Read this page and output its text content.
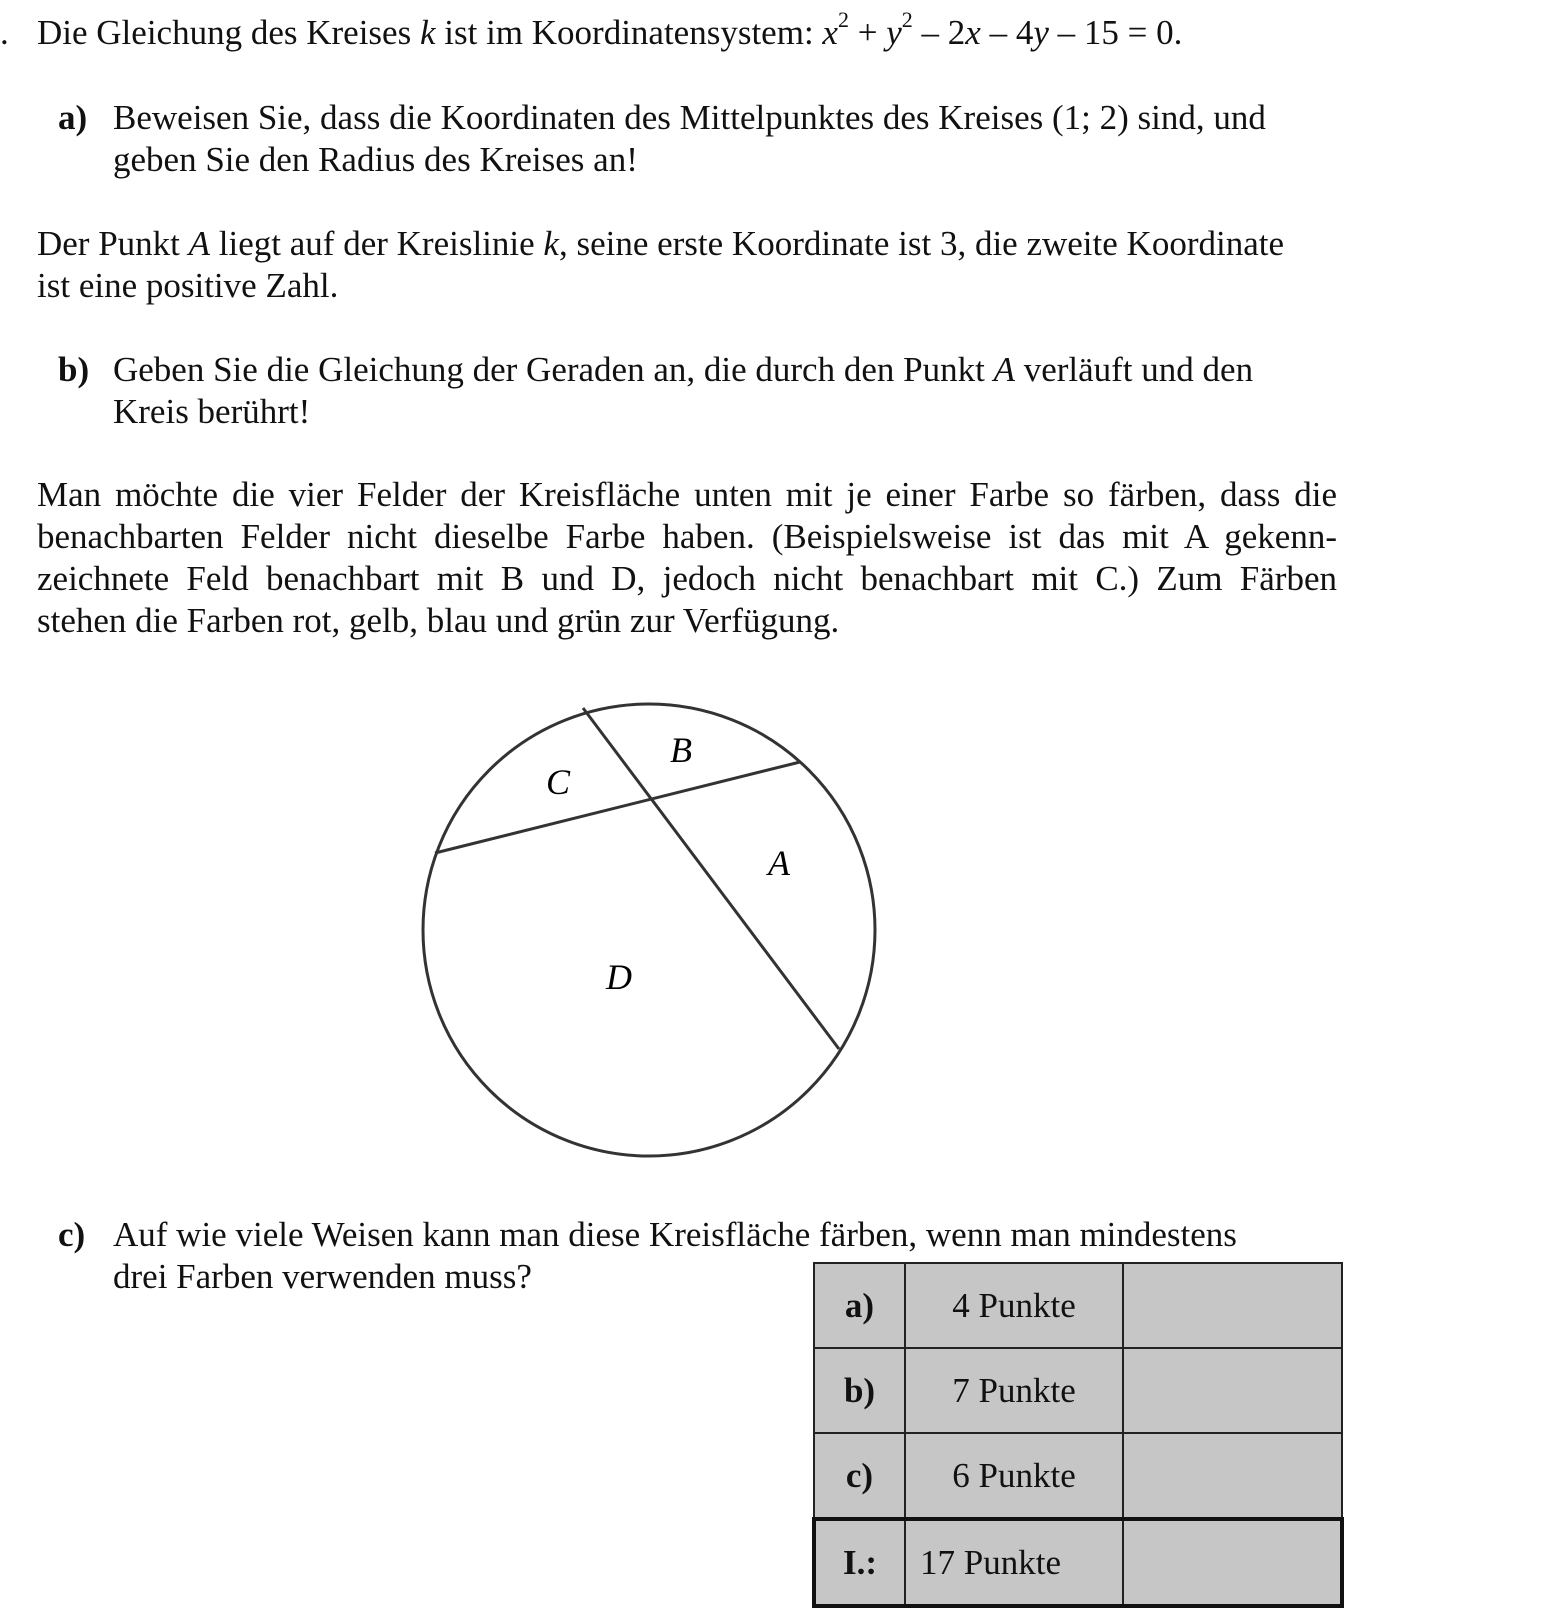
. Die Gleichung des Kreises k ist im Koordinatensystem: $x^2 + y^2 - 2x - 4y - 15 = 0$.
a) Beweisen Sie, dass die Koordinaten des Mittelpunktes des Kreises (1; 2) sind, und
geben Sie den Radius des Kreises an!
Der Punkt A liegt auf der Kreislinie k, seine erste Koordinate ist 3, die zweite Koordinate
ist eine positive Zahl.
b) Geben Sie die Gleichung der Geraden an, die durch den Punkt A verläuft und den
Kreis berührt!
Man möchte die vier Felder der Kreisfläche unten mit je einer Farbe so färben, dass die
benachbarten Felder nicht dieselbe Farbe haben. (Beispielsweise ist das mit A gekenn-
zeichnete Feld benachbart mit B und D, jedoch nicht benachbart mit C.) Zum Färben
stehen die Farben rot, gelb, blau und grün zur Verfügung.
B
C
A
D
c) Auf wie viele Weisen kann man diese Kreisfläche färben, wenn man mindestens
drei Farben verwenden muss?
a)	4 Punkte	
b)	7 Punkte	
c)	6 Punkte	
I.:	17 Punkte	
